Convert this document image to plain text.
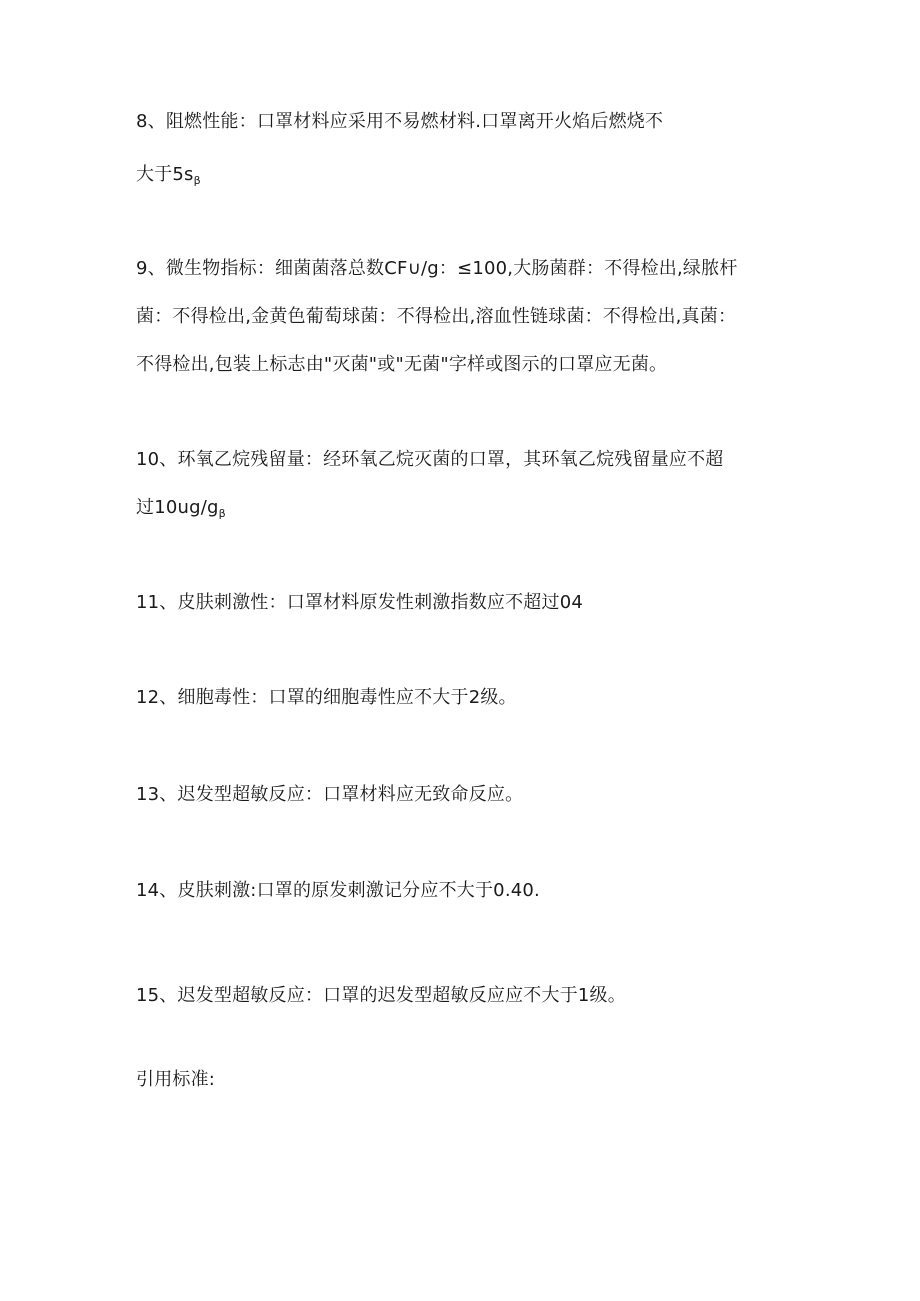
8、阻燃性能：口罩材料应采用不易燃材料.口罩离开火焰后燃烧不
大于$5s_\beta$
9、微生物指标：细菌菌落总数CF∪/g：≤100,大肠菌群：不得检出,绿脓杆
菌：不得检出,金黄色葡萄球菌：不得检出,溶血性链球菌：不得检出,真菌：
不得检出,包装上标志由"灭菌"或"无菌"字样或图示的口罩应无菌。
10、环氧乙烷残留量：经环氧乙烷灭菌的口罩，其环氧乙烷残留量应不超
过$10ug/g_\beta$
11、皮肤刺激性：口罩材料原发性刺激指数应不超过04
12、细胞毒性：口罩的细胞毒性应不大于2级。
13、迟发型超敏反应：口罩材料应无致命反应。
14、皮肤刺激:口罩的原发刺激记分应不大于0.40.
15、迟发型超敏反应：口罩的迟发型超敏反应应不大于1级。
引用标准:
